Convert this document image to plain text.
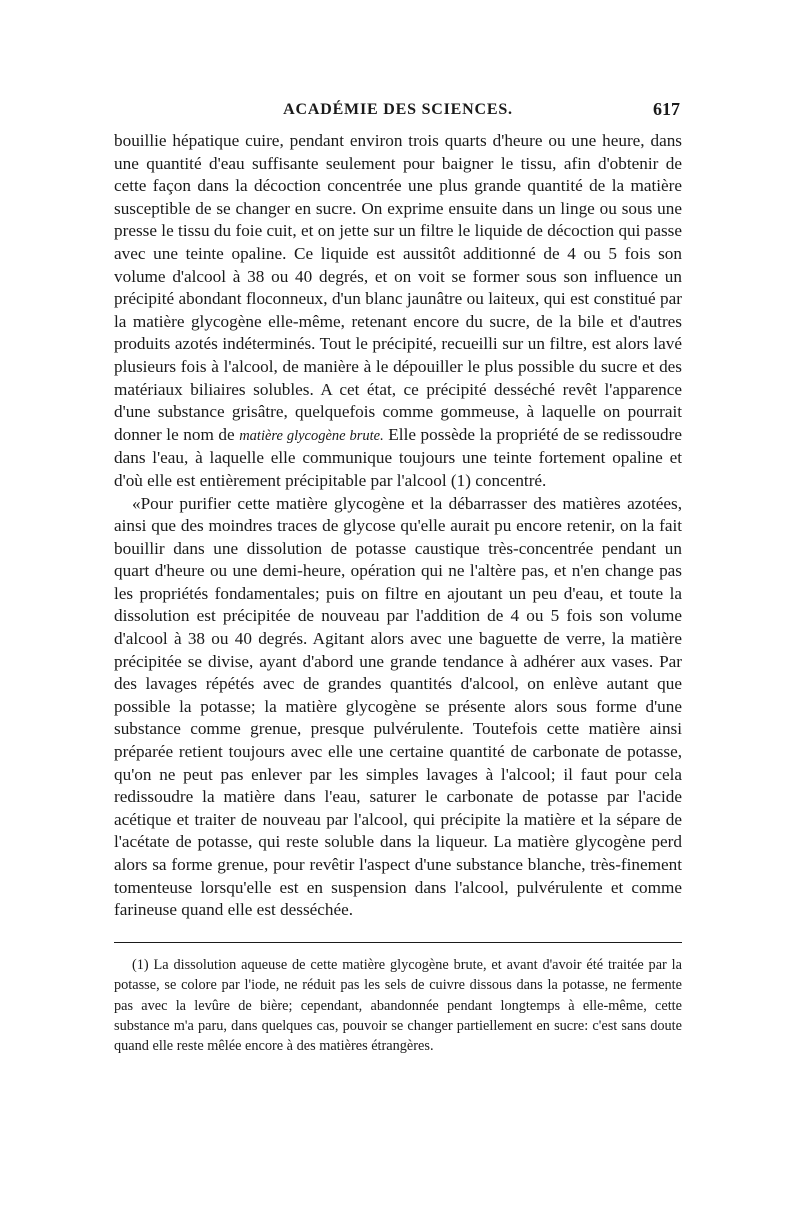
ACADÉMIE DES SCIENCES.	617

bouillie hépatique cuire, pendant environ trois quarts d'heure ou une heure, dans une quantité d'eau suffisante seulement pour baigner le tissu, afin d'obtenir de cette façon dans la décoction concentrée une plus grande quantité de la matière susceptible de se changer en sucre. On exprime ensuite dans un linge ou sous une presse le tissu du foie cuit, et on jette sur un filtre le liquide de décoction qui passe avec une teinte opaline. Ce liquide est aussitôt additionné de 4 ou 5 fois son volume d'alcool à 38 ou 40 degrés, et on voit se former sous son influence un précipité abondant floconneux, d'un blanc jaunâtre ou laiteux, qui est constitué par la matière glycogène elle-même, retenant encore du sucre, de la bile et d'autres produits azotés indéterminés. Tout le précipité, recueilli sur un filtre, est alors lavé plusieurs fois à l'alcool, de manière à le dépouiller le plus possible du sucre et des matériaux biliaires solubles. A cet état, ce précipité desséché revêt l'apparence d'une substance grisâtre, quelquefois comme gommeuse, à laquelle on pourrait donner le nom de matière glycogène brute. Elle possède la propriété de se redissoudre dans l'eau, à laquelle elle communique toujours une teinte fortement opaline et d'où elle est entièrement précipitable par l'alcool (1) concentré.

«Pour purifier cette matière glycogène et la débarrasser des matières azotées, ainsi que des moindres traces de glycose qu'elle aurait pu encore retenir, on la fait bouillir dans une dissolution de potasse caustique très-concentrée pendant un quart d'heure ou une demi-heure, opération qui ne l'altère pas, et n'en change pas les propriétés fondamentales; puis on filtre en ajoutant un peu d'eau, et toute la dissolution est précipitée de nouveau par l'addition de 4 ou 5 fois son volume d'alcool à 38 ou 40 degrés. Agitant alors avec une baguette de verre, la matière précipitée se divise, ayant d'abord une grande tendance à adhérer aux vases. Par des lavages répétés avec de grandes quantités d'alcool, on enlève autant que possible la potasse; la matière glycogène se présente alors sous forme d'une substance comme grenue, presque pulvérulente. Toutefois cette matière ainsi préparée retient toujours avec elle une certaine quantité de carbonate de potasse, qu'on ne peut pas enlever par les simples lavages à l'alcool; il faut pour cela redissoudre la matière dans l'eau, saturer le carbonate de potasse par l'acide acétique et traiter de nouveau par l'alcool, qui précipite la matière et la sépare de l'acétate de potasse, qui reste soluble dans la liqueur. La matière glycogène perd alors sa forme grenue, pour revêtir l'aspect d'une substance blanche, très-finement tomenteuse lorsqu'elle est en suspension dans l'alcool, pulvérulente et comme farineuse quand elle est desséchée.

(1) La dissolution aqueuse de cette matière glycogène brute, et avant d'avoir été traitée par la potasse, se colore par l'iode, ne réduit pas les sels de cuivre dissous dans la potasse, ne fermente pas avec la levûre de bière; cependant, abandonnée pendant longtemps à elle-même, cette substance m'a paru, dans quelques cas, pouvoir se changer partiellement en sucre: c'est sans doute quand elle reste mêlée encore à des matières étrangères.
